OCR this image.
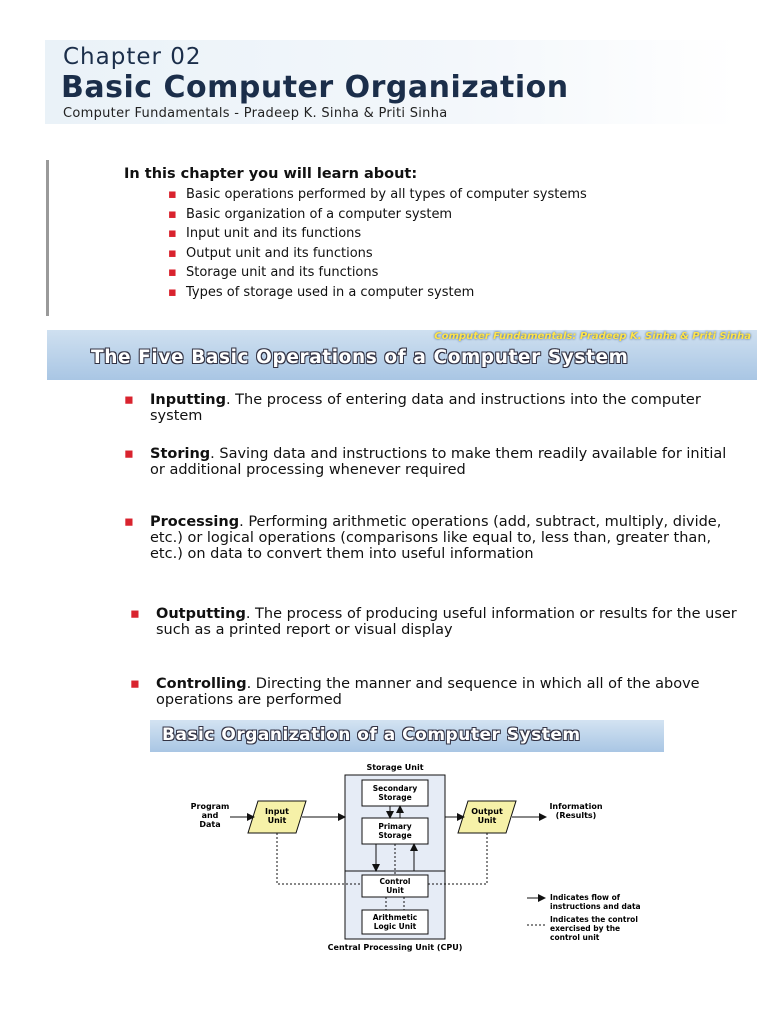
Chapter 02
Basic Computer Organization
Computer Fundamentals - Pradeep K. Sinha & Priti Sinha
In this chapter you will learn about:
▪ Basic operations performed by all types of computer systems
▪ Basic organization of a computer system
▪ Input unit and its functions
▪ Output unit and its functions
▪ Storage unit and its functions
▪ Types of storage used in a computer system
Computer Fundamentals: Pradeep K. Sinha & Priti Sinha
The Five Basic Operations of a Computer System
▪ Inputting. The process of entering data and instructions into the computer system
▪ Storing. Saving data and instructions to make them readily available for initial or additional processing whenever required
▪ Processing. Performing arithmetic operations (add, subtract, multiply, divide, etc.) or logical operations (comparisons like equal to, less than, greater than, etc.) on data to convert them into useful information
▪ Outputting. The process of producing useful information or results for the user such as a printed report or visual display
▪ Controlling. Directing the manner and sequence in which all of the above operations are performed
Basic Organization of a Computer System
Storage Unit
Secondary
Storage
Primary
Storage
Input
Unit
Output
Unit
Program
and
Data
Information
(Results)
Control
Unit
Arithmetic
Logic Unit
Central Processing Unit (CPU)
Indicates flow of
instructions and data
Indicates the control
exercised by the
control unit
